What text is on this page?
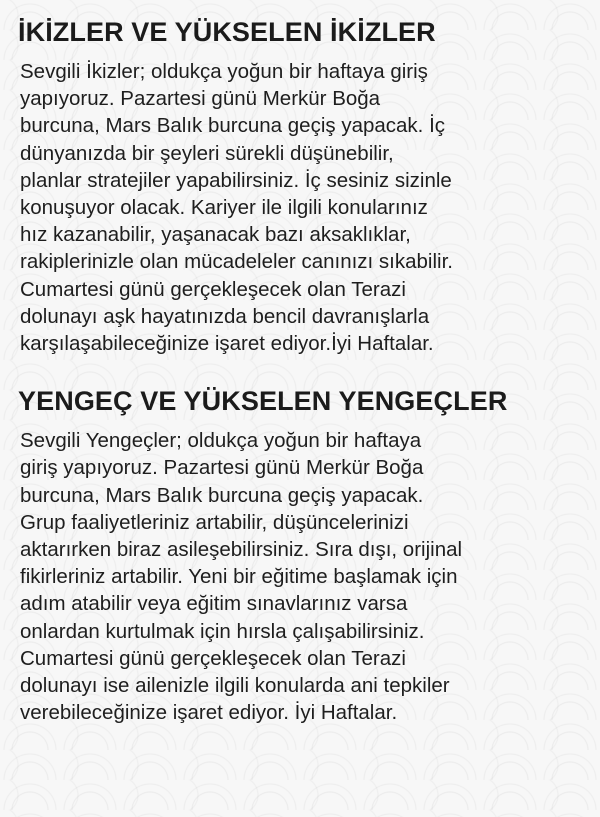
İKİZLER VE YÜKSELEN İKİZLER

Sevgili İkizler; oldukça yoğun bir haftaya giriş
yapıyoruz. Pazartesi günü Merkür Boğa
burcuna, Mars Balık burcuna geçiş yapacak. İç
dünyanızda bir şeyleri sürekli düşünebilir,
planlar stratejiler yapabilirsiniz. İç sesiniz sizinle
konuşuyor olacak. Kariyer ile ilgili konularınız
hız kazanabilir, yaşanacak bazı aksaklıklar,
rakiplerinizle olan mücadeleler canınızı sıkabilir.
Cumartesi günü gerçekleşecek olan Terazi
dolunayı aşk hayatınızda bencil davranışlarla
karşılaşabileceğinize işaret ediyor.İyi Haftalar.

YENGEÇ VE YÜKSELEN YENGEÇLER

Sevgili Yengeçler; oldukça yoğun bir haftaya
giriş yapıyoruz. Pazartesi günü Merkür Boğa
burcuna, Mars Balık burcuna geçiş yapacak.
Grup faaliyetleriniz artabilir, düşüncelerinizi
aktarırken biraz asileşebilirsiniz. Sıra dışı, orijinal
fikirleriniz artabilir. Yeni bir eğitime başlamak için
adım atabilir veya eğitim sınavlarınız varsa
onlardan kurtulmak için hırsla çalışabilirsiniz.
Cumartesi günü gerçekleşecek olan Terazi
dolunayı ise ailenizle ilgili konularda ani tepkiler
verebileceğinize işaret ediyor. İyi Haftalar.
